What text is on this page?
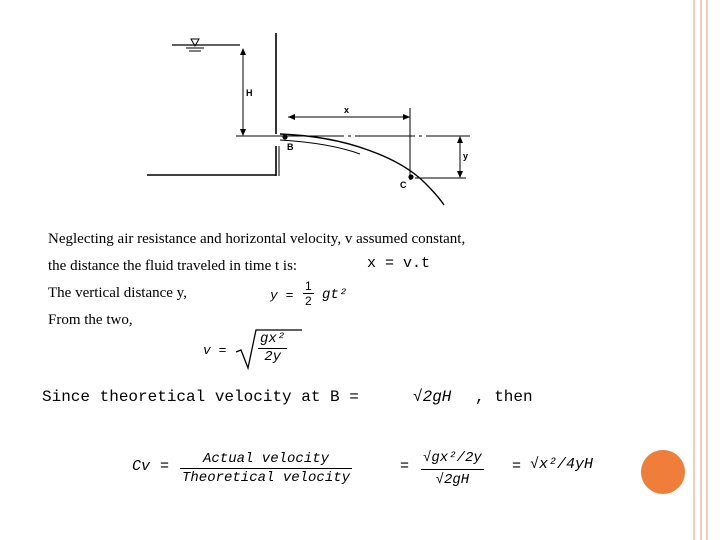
H
x
B
y
C
Neglecting air resistance and horizontal velocity, v assumed constant,
the distance the fluid traveled in time t is:
The vertical distance y,
From the two,
x = v.t
$y = \frac{1}{2} gt^2$
$v = \frac{\text{gx²}}{2y}$
Since theoretical velocity at B =	√2gH , then
Cv =	Actual velocity
Theoretical velocity
= $\frac{\text{√gx²/2y}}{√2gH} = √x^2/4yH$
